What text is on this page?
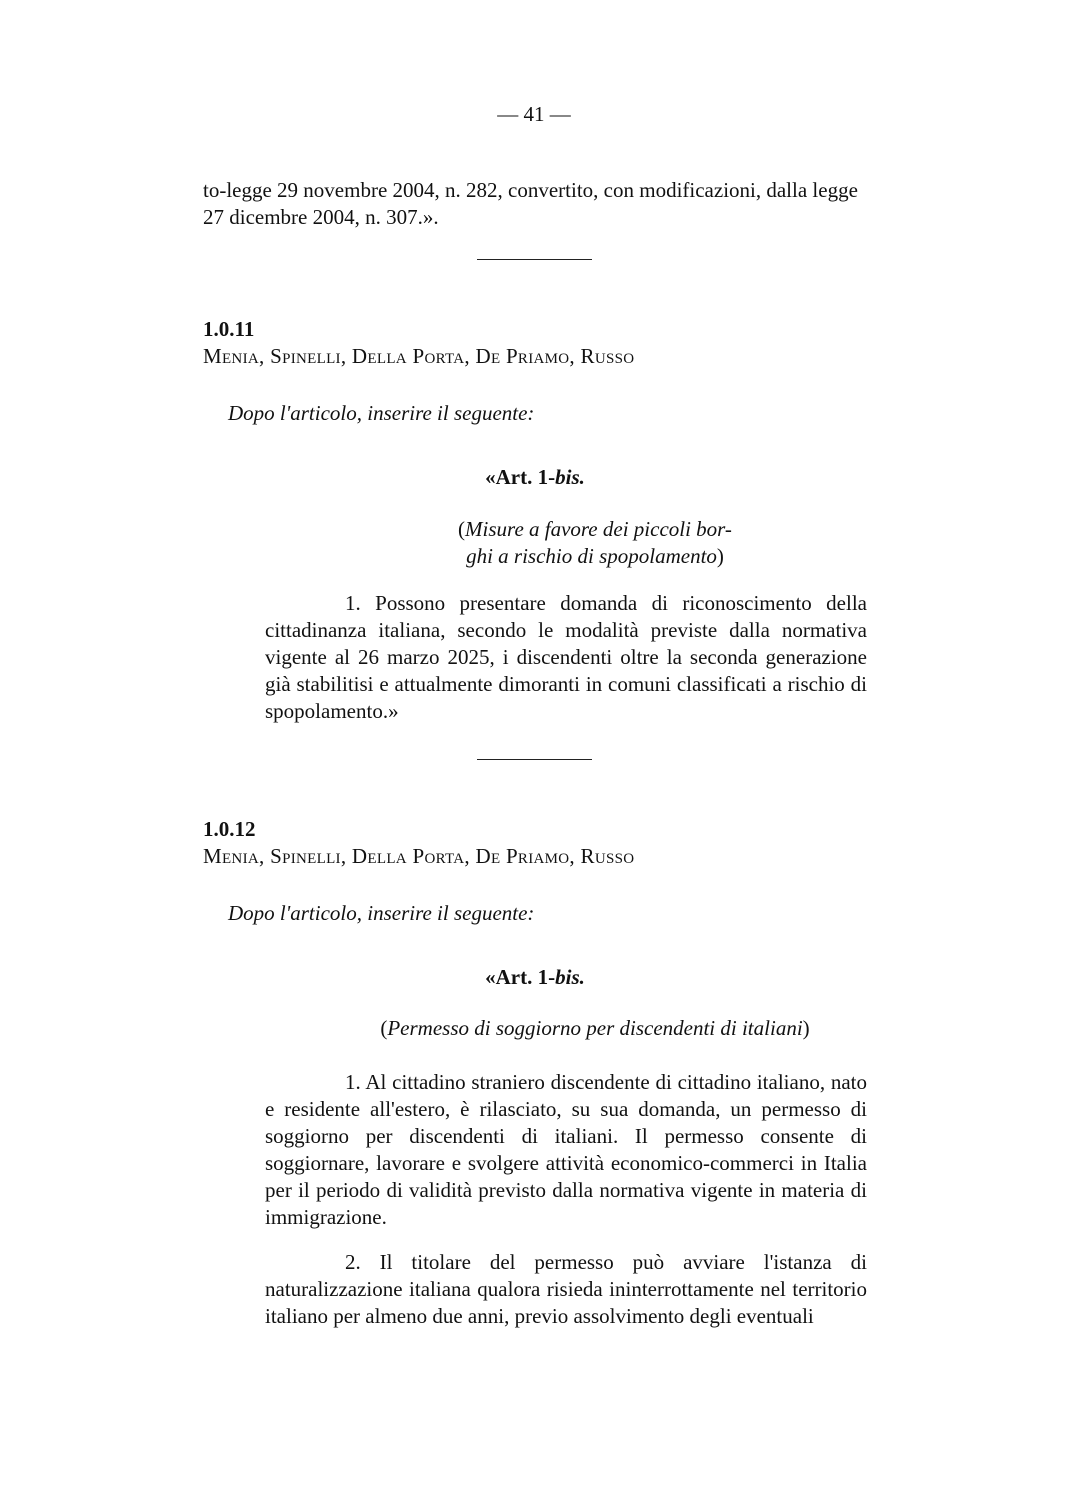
— 41 —
to-legge 29 novembre 2004, n. 282, convertito, con modificazioni, dalla legge 27 dicembre 2004, n. 307.».
1.0.11
Menia, Spinelli, Della Porta, De Priamo, Russo
Dopo l'articolo, inserire il seguente:
«Art. 1-bis.
(Misure a favore dei piccoli bor-
ghi a rischio di spopolamento)
1. Possono presentare domanda di riconoscimento della cittadinanza italiana, secondo le modalità previste dalla normativa vigente al 26 marzo 2025, i discendenti oltre la seconda generazione già stabilitisi e attualmente dimoranti in comuni classificati a rischio di spopolamento.»
1.0.12
Menia, Spinelli, Della Porta, De Priamo, Russo
Dopo l'articolo, inserire il seguente:
«Art. 1-bis.
(Permesso di soggiorno per discendenti di italiani)
1. Al cittadino straniero discendente di cittadino italiano, nato e residente all'estero, è rilasciato, su sua domanda, un permesso di soggiorno per discendenti di italiani. Il permesso consente di soggiornare, lavorare e svolgere attività economico-commerci in Italia per il periodo di validità previsto dalla normativa vigente in materia di immigrazione.
2. Il titolare del permesso può avviare l'istanza di naturalizzazione italiana qualora risieda ininterrottamente nel territorio italiano per almeno due anni, previo assolvimento degli eventuali
